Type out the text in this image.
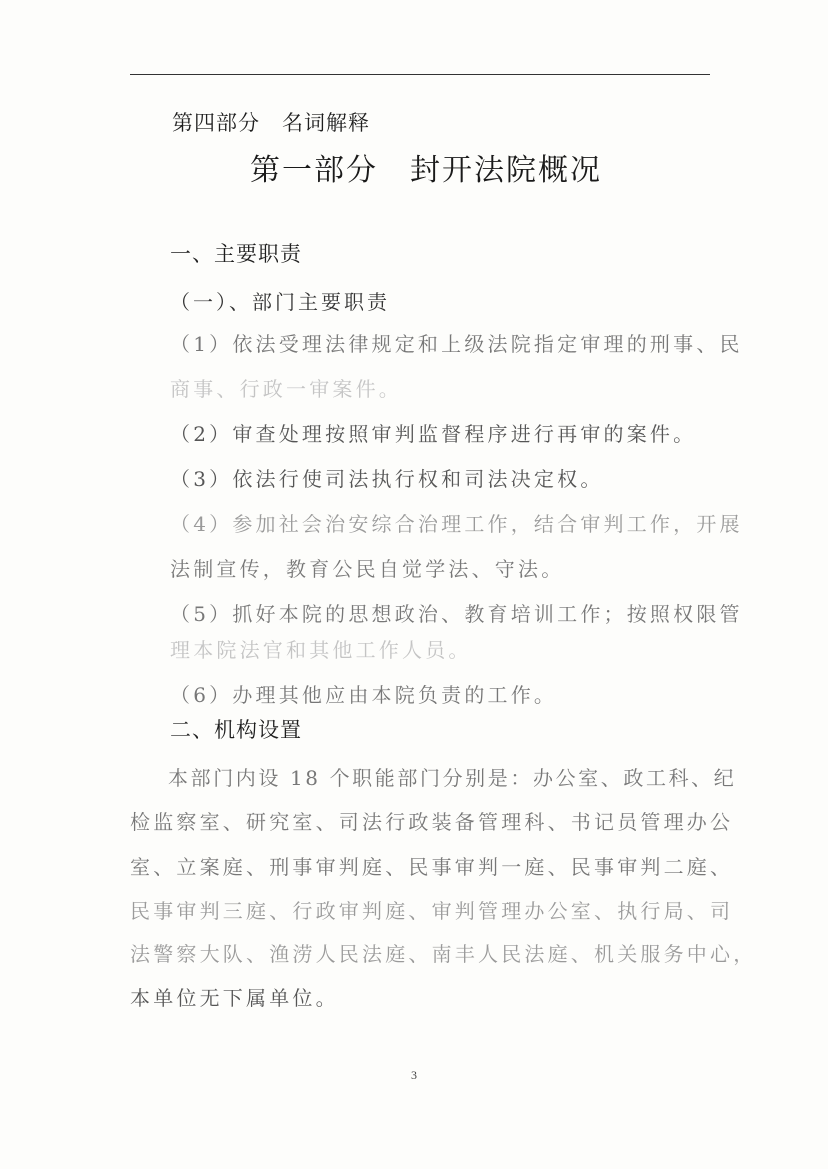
第四部分　名词解释
第一部分　封开法院概况
一、主要职责
（一）、部门主要职责
（1）依法受理法律规定和上级法院指定审理的刑事、民
商事、行政一审案件。
（2）审查处理按照审判监督程序进行再审的案件。
（3）依法行使司法执行权和司法决定权。
（4）参加社会治安综合治理工作，结合审判工作，开展
法制宣传，教育公民自觉学法、守法。
（5）抓好本院的思想政治、教育培训工作；按照权限管
理本院法官和其他工作人员。
（6）办理其他应由本院负责的工作。
二、机构设置
本部门内设 18 个职能部门分别是：办公室、政工科、纪
检监察室、研究室、司法行政装备管理科、书记员管理办公
室、立案庭、刑事审判庭、民事审判一庭、民事审判二庭、
民事审判三庭、行政审判庭、审判管理办公室、执行局、司
法警察大队、渔涝人民法庭、南丰人民法庭、机关服务中心，
本单位无下属单位。
3
